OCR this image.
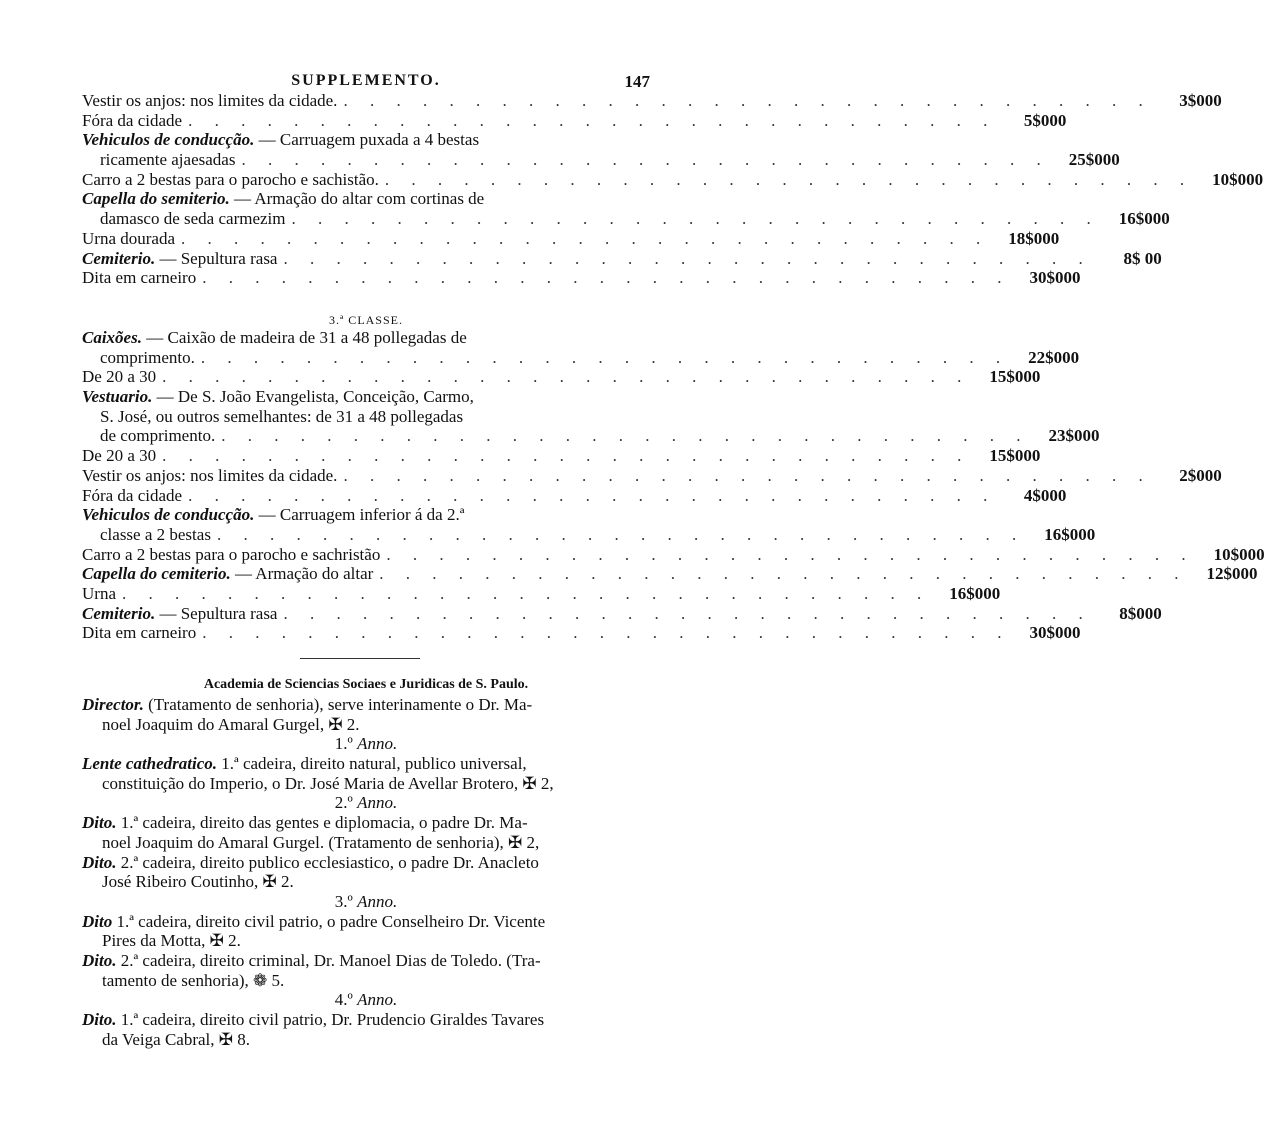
SUPPLEMENTO.	147
Vestir os anjos: nos limites da cidade. . . . . . . . . . . . . . . . . . . . . . . . . . . . . . . .	3$000
Fóra da cidade . . . . . . . . . . . . . . . . . . . . . . . . . . . . . . .	5$000
Vehiculos de conducção. — Carruagem puxada a 4 bestas
ricamente ajaesadas . . . . . . . . . . . . . . . . . . . . . . . . . . . . . . .	25$000
Carro a 2 bestas para o parocho e sachistão. . . . . . . . . . . . . . . . . . . . . . . . . . . . . . . .	10$000
Capella do semiterio. — Armação do altar com cortinas de
damasco de seda carmezim . . . . . . . . . . . . . . . . . . . . . . . . . . . . . . .	16$000
Urna dourada . . . . . . . . . . . . . . . . . . . . . . . . . . . . . . .	18$000
Cemiterio. — Sepultura rasa . . . . . . . . . . . . . . . . . . . . . . . . . . . . . . .	8$ 00
Dita em carneiro . . . . . . . . . . . . . . . . . . . . . . . . . . . . . . .	30$000
3.ª CLASSE.
Caixões. — Caixão de madeira de 31 a 48 pollegadas de
comprimento. . . . . . . . . . . . . . . . . . . . . . . . . . . . . . . .	22$000
De 20 a 30 . . . . . . . . . . . . . . . . . . . . . . . . . . . . . . .	15$000
Vestuario. — De S. João Evangelista, Conceição, Carmo,
S. José, ou outros semelhantes: de 31 a 48 pollegadas
de comprimento. . . . . . . . . . . . . . . . . . . . . . . . . . . . . . . .	23$000
De 20 a 30 . . . . . . . . . . . . . . . . . . . . . . . . . . . . . . .	15$000
Vestir os anjos: nos limites da cidade. . . . . . . . . . . . . . . . . . . . . . . . . . . . . . . .	2$000
Fóra da cidade . . . . . . . . . . . . . . . . . . . . . . . . . . . . . . .	4$000
Vehiculos de conducção. — Carruagem inferior á da 2.ª
classe a 2 bestas . . . . . . . . . . . . . . . . . . . . . . . . . . . . . . .	16$000
Carro a 2 bestas para o parocho e sachristão . . . . . . . . . . . . . . . . . . . . . . . . . . . . . . .	10$000
Capella do cemiterio. — Armação do altar . . . . . . . . . . . . . . . . . . . . . . . . . . . . . . .	12$000
Urna . . . . . . . . . . . . . . . . . . . . . . . . . . . . . . .	16$000
Cemiterio. — Sepultura rasa . . . . . . . . . . . . . . . . . . . . . . . . . . . . . . .	8$000
Dita em carneiro . . . . . . . . . . . . . . . . . . . . . . . . . . . . . . .	30$000
Academia de Sciencias Sociaes e Juridicas de S. Paulo.
Director. (Tratamento de senhoria), serve interinamente o Dr. Ma-
noel Joaquim do Amaral Gurgel, ✠ 2.
1.º
Anno.
Lente cathedratico. 1.ª cadeira, direito natural, publico universal,
constituição do Imperio, o Dr. José Maria de Avellar Brotero, ✠ 2,
2.º
Anno.
Dito. 1.ª cadeira, direito das gentes e diplomacia, o padre Dr. Ma-
noel Joaquim do Amaral Gurgel. (Tratamento de senhoria), ✠ 2,
Dito. 2.ª cadeira, direito publico ecclesiastico, o padre Dr. Anacleto
José Ribeiro Coutinho, ✠ 2.
3.º
Anno.
Dito 1.ª cadeira, direito civil patrio, o padre Conselheiro Dr. Vicente
Pires da Motta, ✠ 2.
Dito. 2.ª cadeira, direito criminal, Dr. Manoel Dias de Toledo. (Tra-
tamento de senhoria), ❁ 5.
4.º
Anno.
Dito. 1.ª cadeira, direito civil patrio, Dr. Prudencio Giraldes Tavares
da Veiga Cabral, ✠ 8.
